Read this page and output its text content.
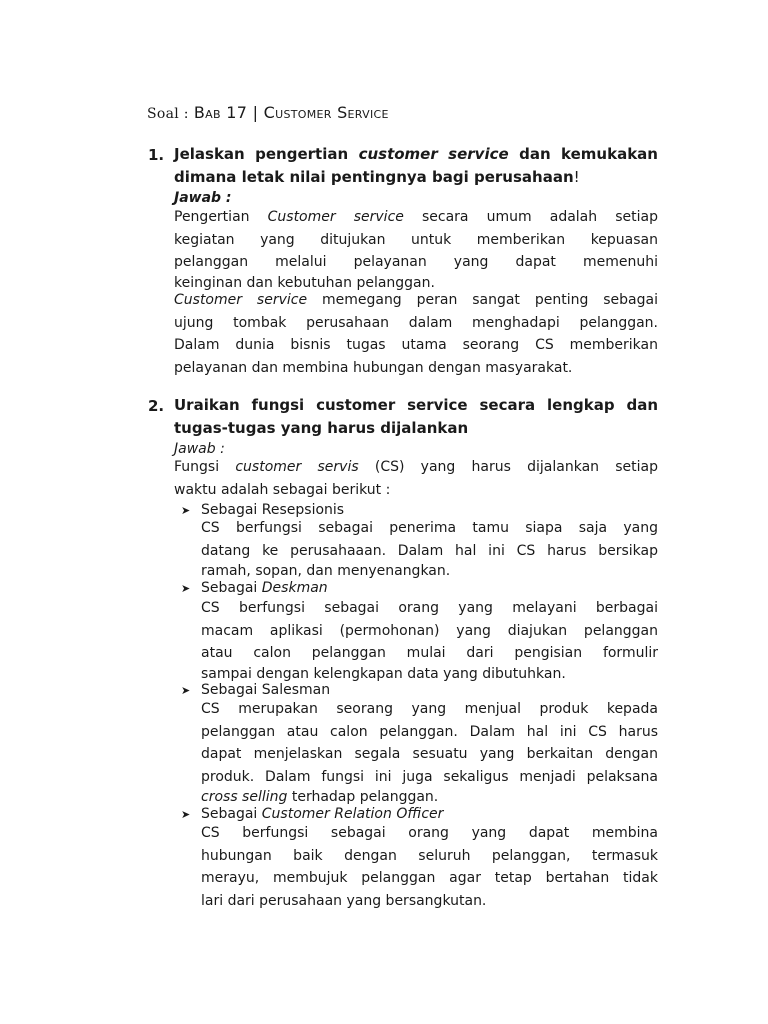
Soal : Bab 17 | Customer Service
1. Jelaskan pengertian customer service dan kemukakan
dimana letak nilai pentingnya bagi perusahaan!
Jawab :
Pengertian Customer service secara umum adalah setiap
kegiatan yang ditujukan untuk memberikan kepuasan
pelanggan melalui pelayanan yang dapat memenuhi
keinginan dan kebutuhan pelanggan.
Customer service memegang peran sangat penting sebagai
ujung tombak perusahaan dalam menghadapi pelanggan.
Dalam dunia bisnis tugas utama seorang CS memberikan
pelayanan dan membina hubungan dengan masyarakat.
2. Uraikan fungsi customer service secara lengkap dan
tugas-tugas yang harus dijalankan
Jawab :
Fungsi customer servis (CS) yang harus dijalankan setiap
waktu adalah sebagai berikut :
➤ Sebagai Resepsionis
CS berfungsi sebagai penerima tamu siapa saja yang
datang ke perusahaaan. Dalam hal ini CS harus bersikap
ramah, sopan, dan menyenangkan.
➤ Sebagai Deskman
CS berfungsi sebagai orang yang melayani berbagai
macam aplikasi (permohonan) yang diajukan pelanggan
atau calon pelanggan mulai dari pengisian formulir
sampai dengan kelengkapan data yang dibutuhkan.
➤ Sebagai Salesman
CS merupakan seorang yang menjual produk kepada
pelanggan atau calon pelanggan. Dalam hal ini CS harus
dapat menjelaskan segala sesuatu yang berkaitan dengan
produk. Dalam fungsi ini juga sekaligus menjadi pelaksana
cross selling terhadap pelanggan.
➤ Sebagai Customer Relation Officer
CS berfungsi sebagai orang yang dapat membina
hubungan baik dengan seluruh pelanggan, termasuk
merayu, membujuk pelanggan agar tetap bertahan tidak
lari dari perusahaan yang bersangkutan.
